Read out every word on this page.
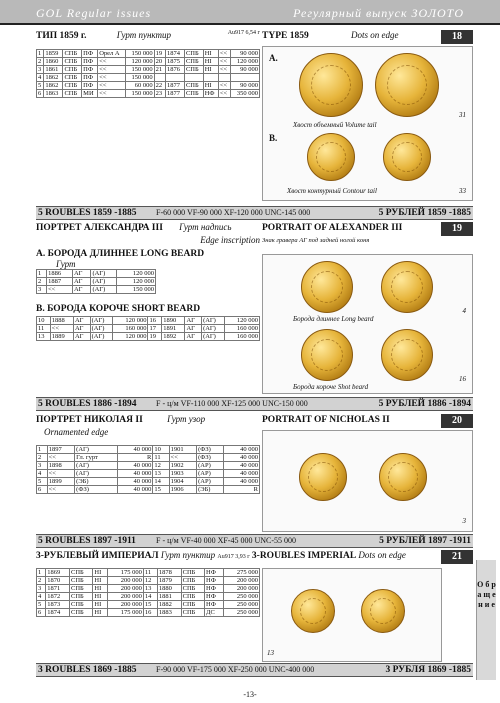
GOL Regular issues	Регулярный выпуск ЗОЛОТО
ТИП 1859 г.	Гурт пунктир	Au917 6,54 г
1	1859	СПБ	ПФ	Орел А	150 000	19	1874	СПБ	НІ	<<	90 000
2	1860	СПБ	ПФ	<<	120 000	20	1875	СПБ	НІ	<<	120 000
3	1861	СПБ	ПФ	<<	150 000	21	1876	СПБ	НІ	<<	90 000
4	1862	СПБ	ПФ	<<	150 000						
5	1862	СПБ	ПФ	<<	60 000	22	1877	СПБ	НІ	<<	90 000
6	1863	СПБ	МИ	<<	150 000	23	1877	СПБ	НФ	<<	350 000
TYPE 1859	Dots on edge	18
A.
Хвост объемный Volume tail
31
B.
Хвост контурный Contour tail	33
5 ROUBLES 1859 -1885 F-60 000 VF-90 000 XF-120 000 UNC-145 000	5 РУБЛЕЙ 1859 -1885
ПОРТРЕТ АЛЕКСАНДРА III Гурт надпись
Edge inscription
А. БОРОДА ДЛИННЕЕ LONG BEARD
Гурт
1	1886	АГ	(АГ)	120 000
2	1887	АГ	(АГ)	120 000
3	<<	АГ	(АГ)	150 000
B. БОРОДА КОРОЧЕ SHORT BEARD
10	1888	АГ	(АГ)	120 000	16	1890	АГ	(АГ)	120 000
11	<<	АГ	(АГ)	160 000	17	1891	АГ	(АГ)	160 000
13	1889	АГ	(АГ)	120 000	19	1892	АГ	(АГ)	160 000
PORTRAIT OF ALEXANDER III	19
Знак гравера АГ под задней ногой коня
Борода длиннее Long beard
4
Борода короче Shot beard
16
5 ROUBLES 1886 -1894 F - ц/м VF-110 000 XF-125 000 UNC-150 000	5 РУБЛЕЙ 1886 -1894
ПОРТРЕТ НИКОЛАЯ II	Гурт узор
Ornamented edge
1	1897	(АГ)	40 000	10	1901	(ФЗ)	40 000
2	<<	Гл. гурт	R	11	<<	(ФЗ)	40 000
3	1898	(АГ)	40 000	12	1902	(АР)	40 000
4	<<	(АГ)	40 000	13	1903	(АР)	40 000
5	1899	(ЭБ)	40 000	14	1904	(АР)	40 000
6	<<	(ФЗ)	40 000	15	1906	(ЭБ)	R
PORTRAIT OF NICHOLAS II	20
3
5 ROUBLES 1897 -1911	F - ц/м VF-40 000 XF-45 000 UNC-55 000	5 РУБЛЕЙ 1897 -1911
3-РУБЛЕВЫЙ ИМПЕРИАЛ Гурт пунктир Au917 3,93 г 3-ROUBLES IMPERIAL Dots on edge	21
1	1869	СПБ	НІ	175 000	11	1878	СПБ	НФ	275 000
2	1870	СПБ	НІ	200 000	12	1879	СПБ	НФ	200 000
3	1871	СПБ	НІ	200 000	13	1880	СПБ	НФ	200 000
4	1872	СПБ	НІ	200 000	14	1881	СПБ	НФ	250 000
5	1873	СПБ	НІ	200 000	15	1882	СПБ	НФ	250 000
6	1874	СПБ	НІ	175 000	16	1883	СПБ	ДС	250 000
13
3 ROUBLES 1869 -1885 F-90 000 VF-175 000 XF-250 000 UNC-400 000	3 РУБЛЯ 1869 -1885
О б р а щ е н и е
-13-
